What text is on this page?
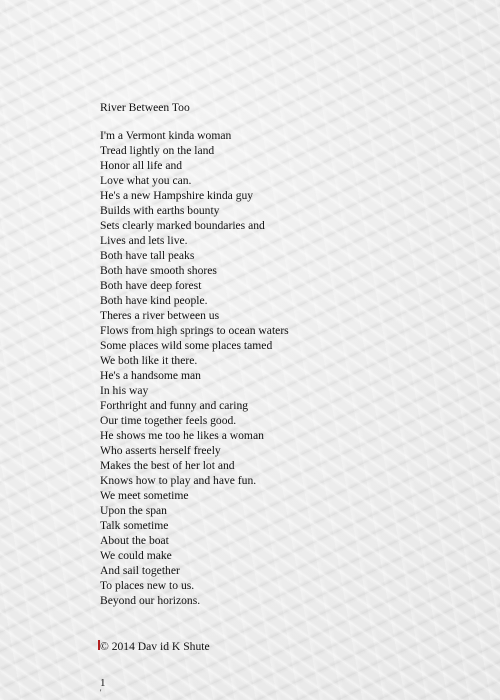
River Between Too

I'm a Vermont kinda woman
Tread lightly on the land
Honor all life and
Love what you can.
He's a new Hampshire kinda guy
Builds with earths bounty
Sets clearly marked boundaries and
Lives and lets live.
Both have tall peaks
Both have smooth shores
Both have deep forest
Both have kind people.
Theres a river between us
Flows from high springs to ocean waters
Some places wild some places tamed
We both like it there.
He's a handsome man
In his way
Forthright and funny and caring
Our time together feels good.
He shows me too he likes a woman
Who asserts herself freely
Makes the best of her lot and
Knows how to play and have fun.
We meet sometime
Upon the span
Talk sometime
About the boat
We could make
And sail together
To places new to us.
Beyond our horizons.
© 2014 Dav id K Shute
1
'
